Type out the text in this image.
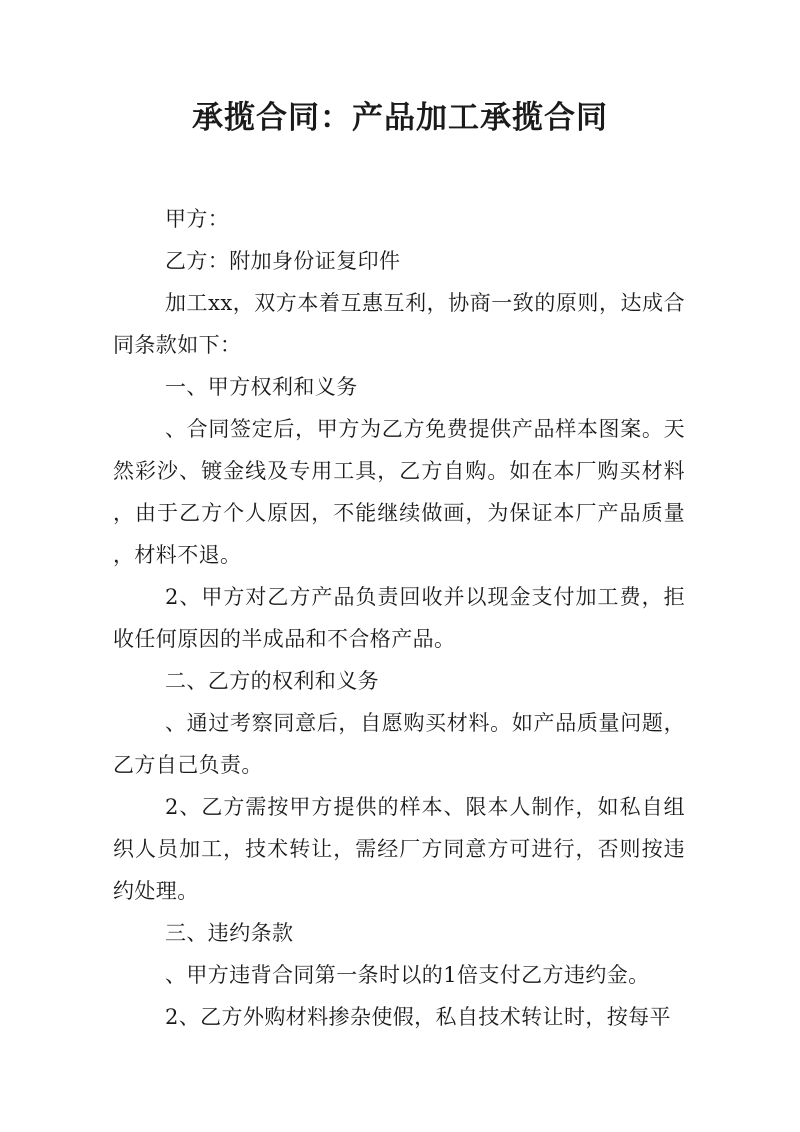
承揽合同：产品加工承揽合同

甲方：

乙方：附加身份证复印件

加工xx，双方本着互惠互利，协商一致的原则，达成合同条款如下：

一、甲方权利和义务

、合同签定后，甲方为乙方免费提供产品样本图案。天然彩沙、镀金线及专用工具，乙方自购。如在本厂购买材料，由于乙方个人原因，不能继续做画，为保证本厂产品质量，材料不退。

2、甲方对乙方产品负责回收并以现金支付加工费，拒收任何原因的半成品和不合格产品。

二、乙方的权利和义务

、通过考察同意后，自愿购买材料。如产品质量问题，乙方自己负责。

2、乙方需按甲方提供的样本、限本人制作，如私自组织人员加工，技术转让，需经厂方同意方可进行，否则按违约处理。

三、违约条款

、甲方违背合同第一条时以的1倍支付乙方违约金。

2、乙方外购材料掺杂使假，私自技术转让时，按每平
